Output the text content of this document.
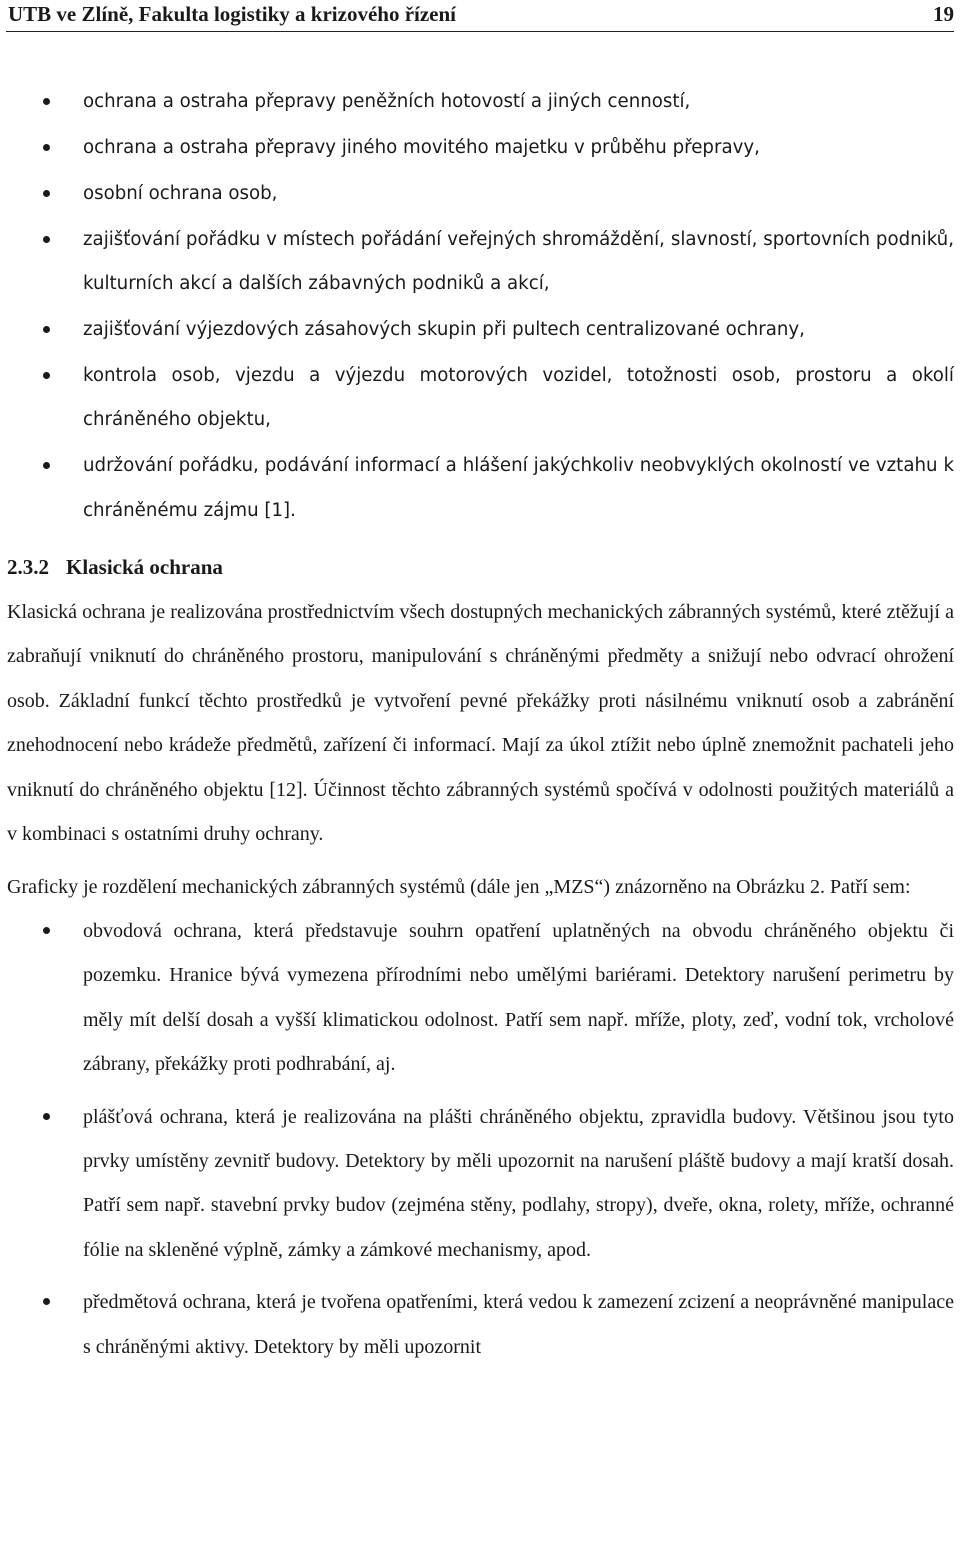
UTB ve Zlíně, Fakulta logistiky a krizového řízení	19
ochrana a ostraha přepravy peněžních hotovostí a jiných cenností,
ochrana a ostraha přepravy jiného movitého majetku v průběhu přepravy,
osobní ochrana osob,
zajišťování pořádku v místech pořádání veřejných shromáždění, slavností, sportovních podniků, kulturních akcí a dalších zábavných podniků a akcí,
zajišťování výjezdových zásahových skupin při pultech centralizované ochrany,
kontrola osob, vjezdu a výjezdu motorových vozidel, totožnosti osob, prostoru a okolí chráněného objektu,
udržování pořádku, podávání informací a hlášení jakýchkoliv neobvyklých okolností ve vztahu k chráněnému zájmu [1].
2.3.2 Klasická ochrana

Klasická ochrana je realizována prostřednictvím všech dostupných mechanických zábranných systémů, které ztěžují a zabraňují vniknutí do chráněného prostoru, manipulování s chráněnými předměty a snižují nebo odvrací ohrožení osob. Základní funkcí těchto prostředků je vytvoření pevné překážky proti násilnému vniknutí osob a zabránění znehodnocení nebo krádeže předmětů, zařízení či informací. Mají za úkol ztížit nebo úplně znemožnit pachateli jeho vniknutí do chráněného objektu [12]. Účinnost těchto zábranných systémů spočívá v odolnosti použitých materiálů a v kombinaci s ostatními druhy ochrany.

Graficky je rozdělení mechanických zábranných systémů (dále jen „MZS“) znázorněno na Obrázku 2. Patří sem:

obvodová ochrana, která představuje souhrn opatření uplatněných na obvodu chráněného objektu či pozemku. Hranice bývá vymezena přírodními nebo umělými bariérami. Detektory narušení perimetru by měly mít delší dosah a vyšší klimatickou odolnost. Patří sem např. mříže, ploty, zeď, vodní tok, vrcholové zábrany, překážky proti podhrabání, aj.
plášťová ochrana, která je realizována na plášti chráněného objektu, zpravidla budovy. Většinou jsou tyto prvky umístěny zevnitř budovy. Detektory by měli upozornit na narušení pláště budovy a mají kratší dosah. Patří sem např. stavební prvky budov (zejména stěny, podlahy, stropy), dveře, okna, rolety, mříže, ochranné fólie na skleněné výplně, zámky a zámkové mechanismy, apod.
předmětová ochrana, která je tvořena opatřeními, která vedou k zamezení zcizení a neoprávněné manipulace s chráněnými aktivy. Detektory by měli upozornit
